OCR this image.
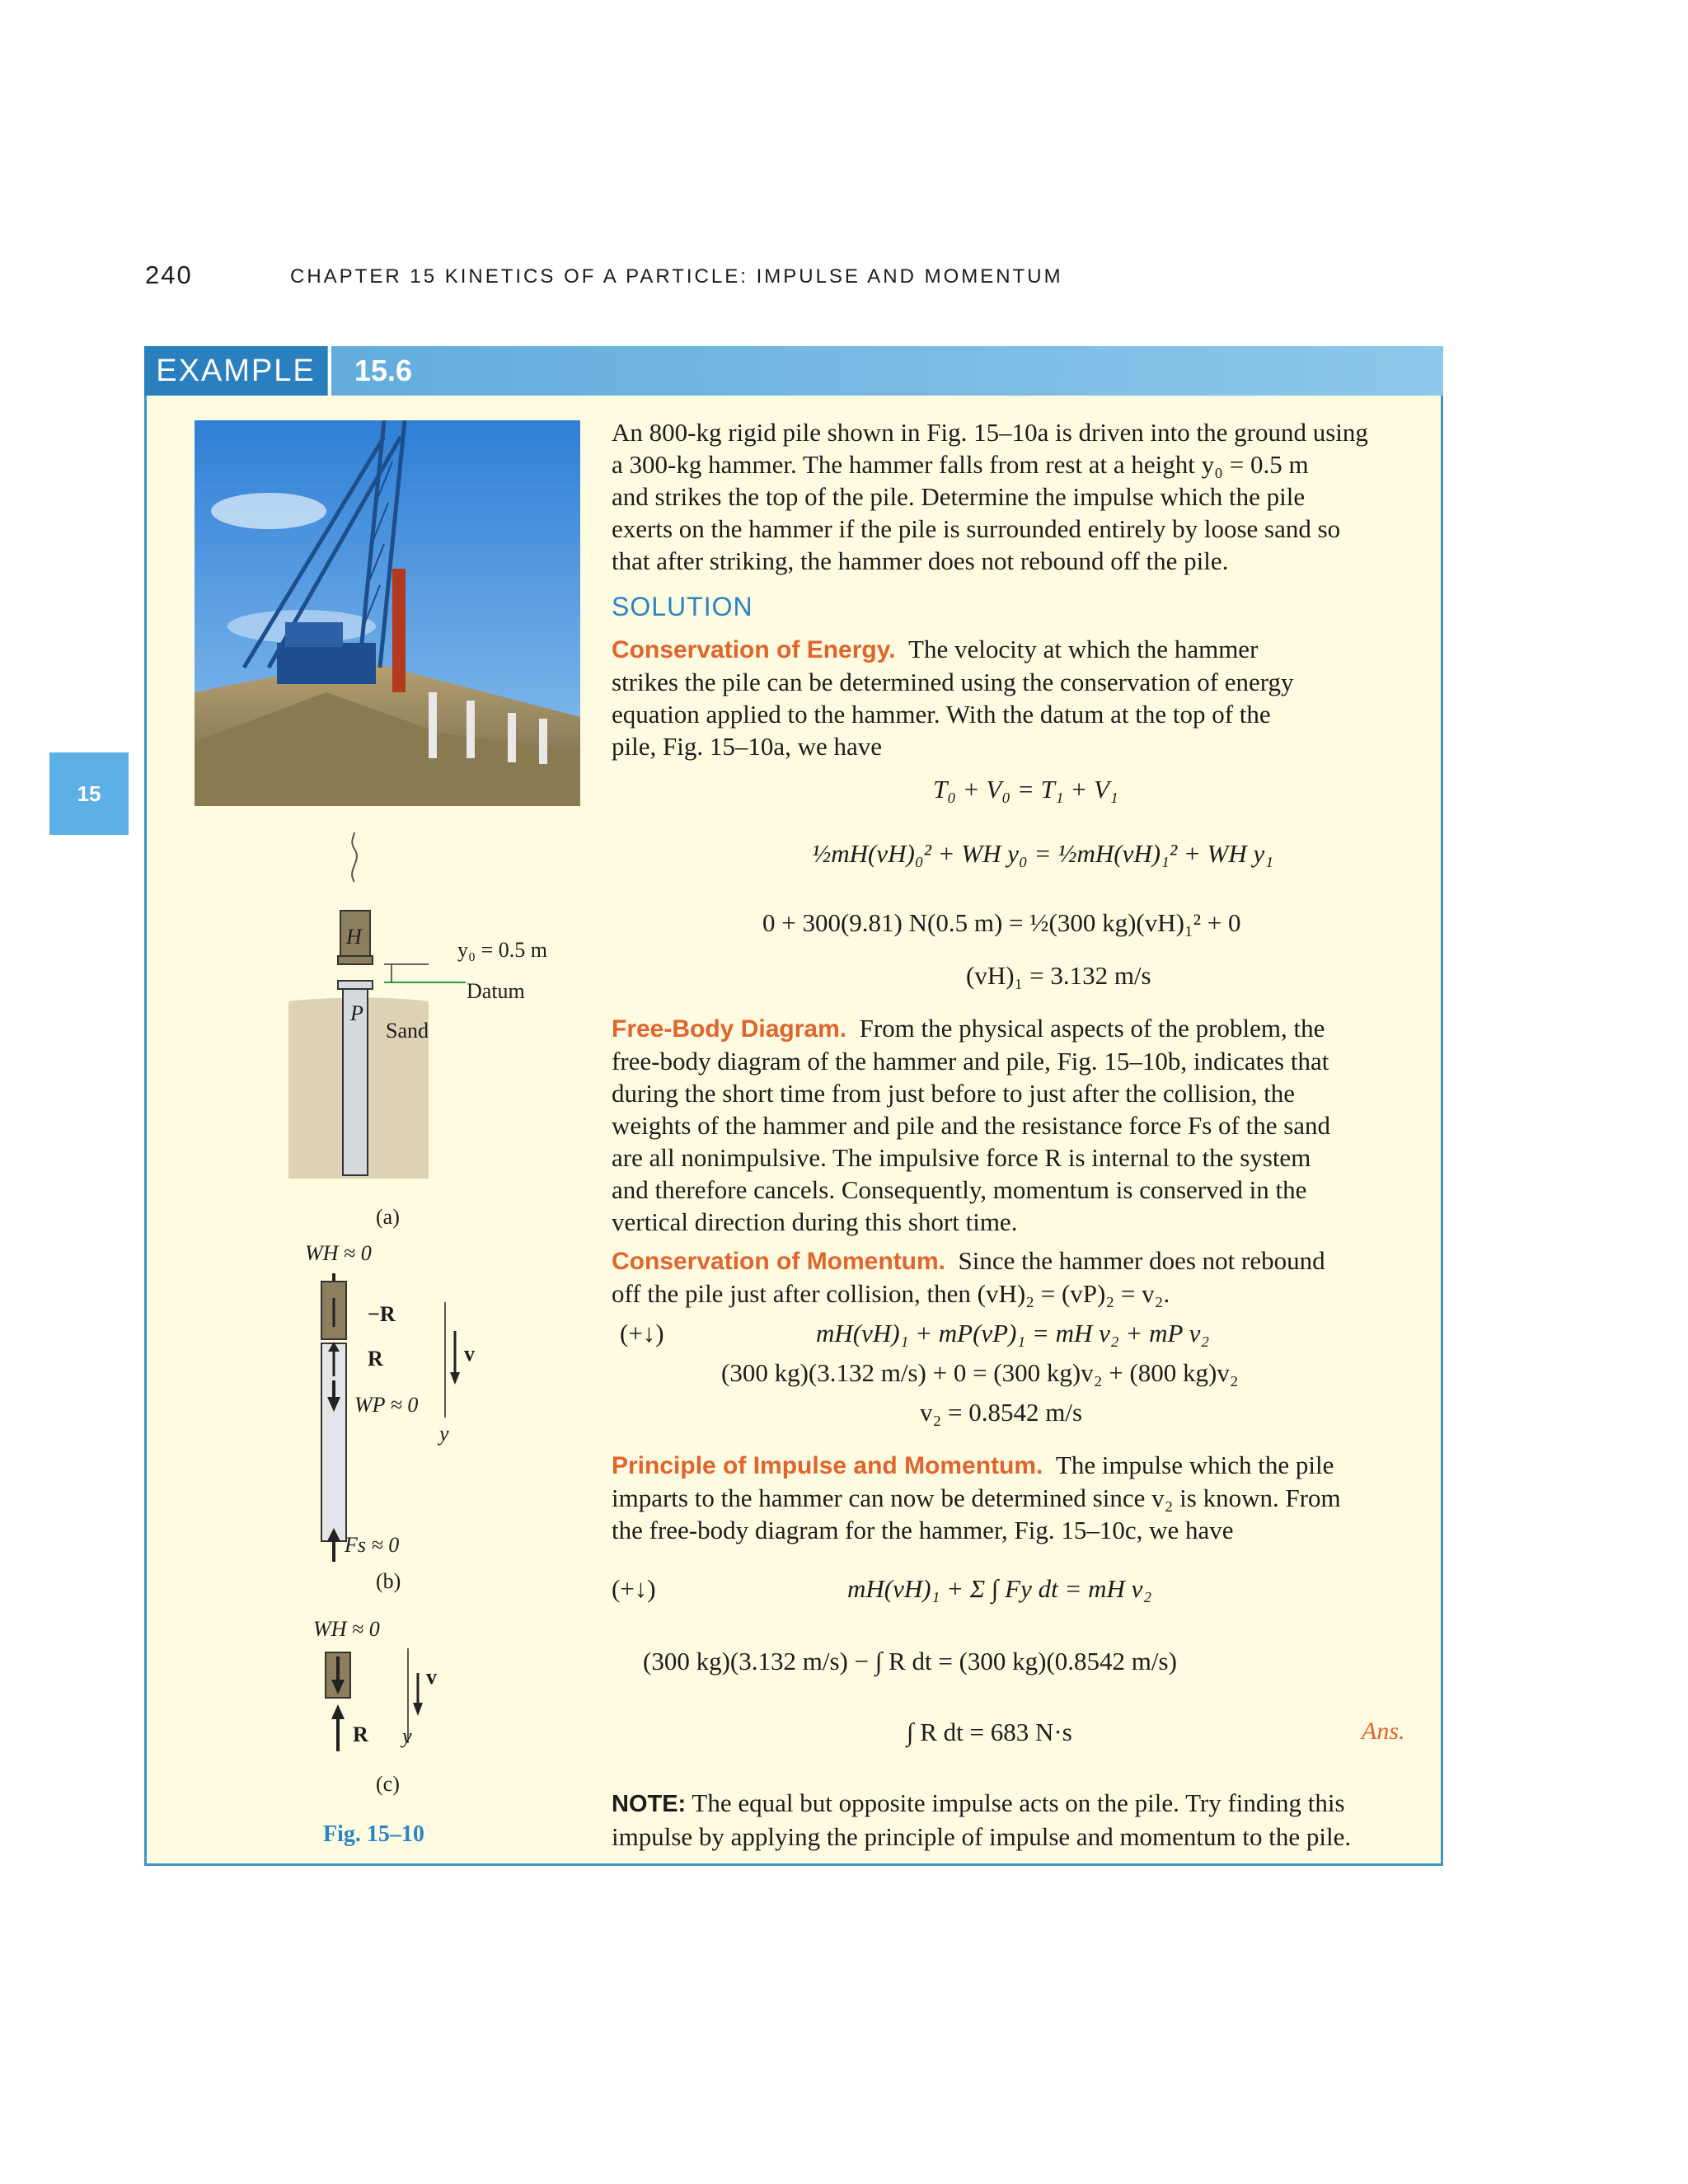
240	CHAPTER 15 KINETICS OF A PARTICLE: IMPULSE AND MOMENTUM
EXAMPLE	15.6
15
H
P
y₀ = 0.5 m
Datum
Sand
(a)
WH ≈ 0
−R
R
WP ≈ 0
v
y
Fs ≈ 0
(b)
WH ≈ 0
R
v
y
(c)
Fig. 15–10
An 800-kg rigid pile shown in Fig. 15–10a is driven into the ground using
a 300-kg hammer. The hammer falls from rest at a height y₀ = 0.5 m
and strikes the top of the pile. Determine the impulse which the pile
exerts on the hammer if the pile is surrounded entirely by loose sand so
that after striking, the hammer does not rebound off the pile.
SOLUTION
Conservation of Energy. The velocity at which the hammer
strikes the pile can be determined using the conservation of energy
equation applied to the hammer. With the datum at the top of the
pile, Fig. 15–10a, we have
T₀ + V₀ = T₁ + V₁
½mH(vH)₀² + WH y₀ = ½mH(vH)₁² + WH y₁
0 + 300(9.81) N(0.5 m) = ½(300 kg)(vH)₁² + 0
(vH)₁ = 3.132 m/s
Free-Body Diagram. From the physical aspects of the problem, the
free-body diagram of the hammer and pile, Fig. 15–10b, indicates that
during the short time from just before to just after the collision, the
weights of the hammer and pile and the resistance force Fs of the sand
are all nonimpulsive. The impulsive force R is internal to the system
and therefore cancels. Consequently, momentum is conserved in the
vertical direction during this short time.
Conservation of Momentum. Since the hammer does not rebound
off the pile just after collision, then (vH)₂ = (vP)₂ = v₂.
(+↓)	mH(vH)₁ + mP(vP)₁ = mH v₂ + mP v₂
(300 kg)(3.132 m/s) + 0 = (300 kg)v₂ + (800 kg)v₂
v₂ = 0.8542 m/s
Principle of Impulse and Momentum. The impulse which the pile
imparts to the hammer can now be determined since v₂ is known. From
the free-body diagram for the hammer, Fig. 15–10c, we have
(+↓)	mH(vH)₁ + Σ ∫ Fy dt = mH v₂
(300 kg)(3.132 m/s) − ∫ R dt = (300 kg)(0.8542 m/s)
∫ R dt = 683 N·s	Ans.
NOTE: The equal but opposite impulse acts on the pile. Try finding this
impulse by applying the principle of impulse and momentum to the pile.
